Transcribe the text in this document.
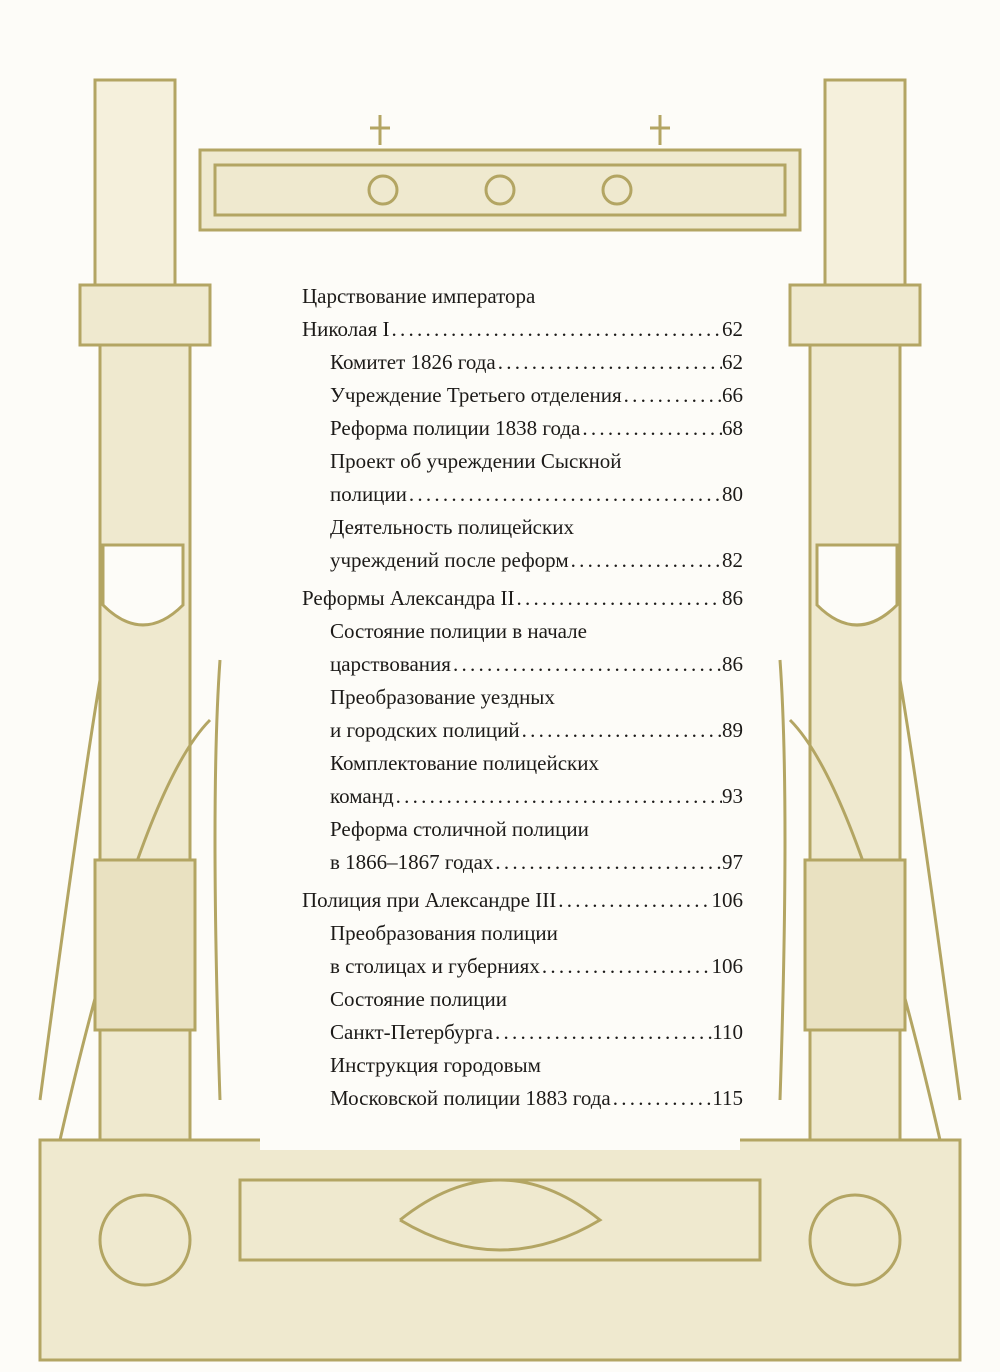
Царствование императора
Николая I . . .	62
Комитет 1826 года . . .	62
Учреждение Третьего отделения . . .	66
Реформа полиции 1838 года . . .	68
Проект об учреждении Сыскной
полиции . . .	80
Деятельность полицейских
учреждений после реформ . . .	82
Реформы Александра II . . .	86
Состояние полиции в начале
царствования . . .	86
Преобразование уездных
и городских полиций . . .	89
Комплектование полицейских
команд . . .	93
Реформа столичной полиции
в 1866–1867 годах . . .	97
Полиция при Александре III . . .	106
Преобразования полиции
в столицах и губерниях . . .	106
Состояние полиции
Санкт-Петербурга . . .	110
Инструкция городовым
Московской полиции 1883 года . . .	115
